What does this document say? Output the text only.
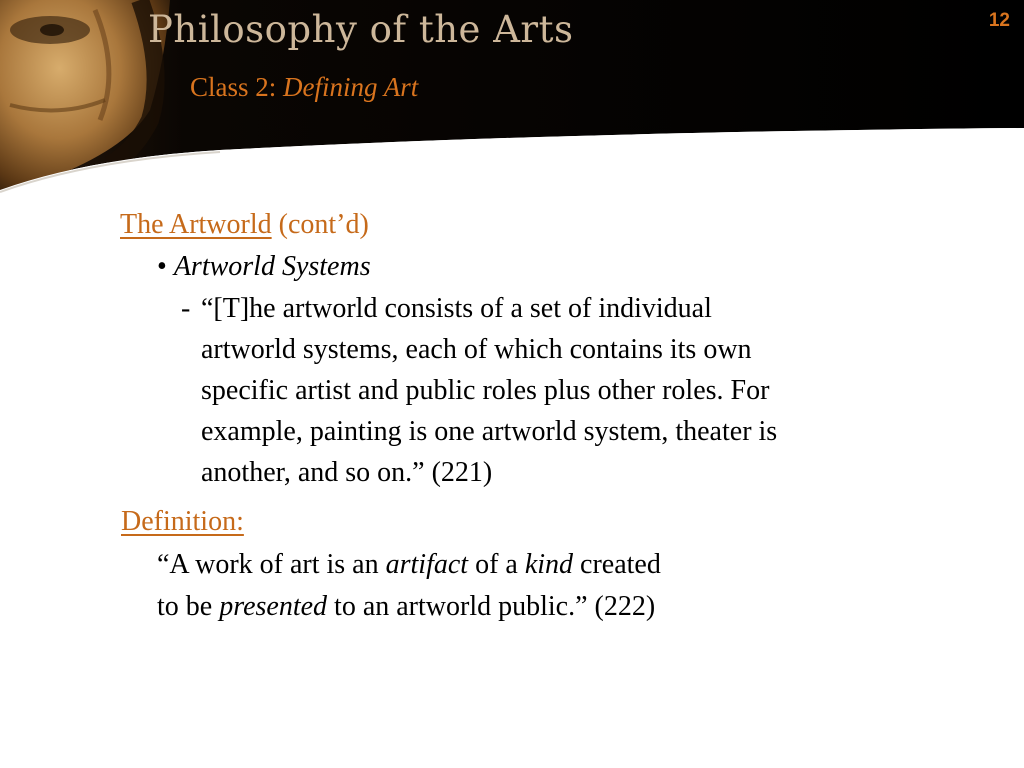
Philosophy of the Arts
Class 2: Defining Art
12
The Artworld (cont’d)
• Artworld Systems
- “[T]he artworld consists of a set of individual
artworld systems, each of which contains its own
specific artist and public roles plus other roles. For
example, painting is one artworld system, theater is
another, and so on.” (221)
Definition:
“A work of art is an artifact of a kind created
to be presented to an artworld public.” (222)
